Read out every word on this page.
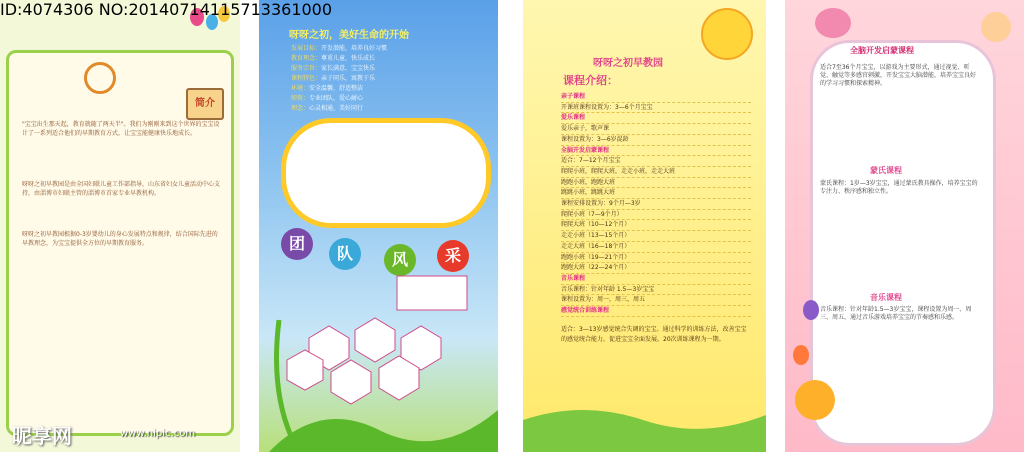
简介
"宝宝出生那天起，教育就随了两天半"。我们为刚刚来到这个世界的宝宝设计了一系列适合他们的早期教育方式，让宝宝能健康快乐地成长。
呀呀之初早教园是由全国妇联儿童工作部指导，山东省妇女儿童活动中心支持，由淄博市妇联主管的淄博市首家专业早教机构。
呀呀之初早教园根据0-3岁婴幼儿的身心发展特点和规律，结合国际先进的早教理念，为宝宝提供全方位的早期教育服务。
昵享网	www.nipic.com
呀呀之初，美好生命的开始
发展目标：开发潜能，培养良好习惯
教育理念：尊重儿童，快乐成长
服务宗旨：家长满意，宝宝快乐
课程特色：亲子同乐，寓教于乐
环境：安全温馨，舒适整洁
师资：专业团队，爱心耐心
理念：心灵相通，美好同行
团
队	风	采
呀呀之初早教园
课程介绍：
亲子课程
开课班课程设置为：3—6个月宝宝
爱乐课程
爱乐亲子，歌声课
课程设置为：3—6岁混龄
全脑开发启蒙课程
适合：7—12个月宝宝
爬爬小班，爬爬大班，走走小班，走走大班
跑跑小班，跑跑大班
跳跳小班，跳跳大班
课程安排设置为：9个月—3岁
爬爬小班（7—9个月）
爬爬大班（10—12个月）
走走小班（13—15个月）
走走大班（16—18个月）
跑跑小班（19—21个月）
跑跑大班（22—24个月）
音乐课程
音乐课程：针对年龄 1.5—3岁宝宝
课程设置为：周一，周三，周五
感觉统合训练课程
适合：3—13岁感觉统合失调的宝宝。通过科学的训练方法，改善宝宝的感觉统合能力，促进宝宝全面发展。20次训练课程为一期。
全脑开发启蒙课程
适合7至36个月宝宝，以游戏为主要形式，通过视觉、听觉、触觉等多感官刺激，开发宝宝大脑潜能，培养宝宝良好的学习习惯和探索精神。
蒙氏课程
蒙氏课程：1岁—3岁宝宝，通过蒙氏教具操作，培养宝宝的专注力、秩序感和独立性。
音乐课程
音乐课程：针对年龄1.5—3岁宝宝，课程设置为周一、周三、周五，通过音乐游戏培养宝宝的节奏感和乐感。
ID:4074306 NO:20140714115713361000
